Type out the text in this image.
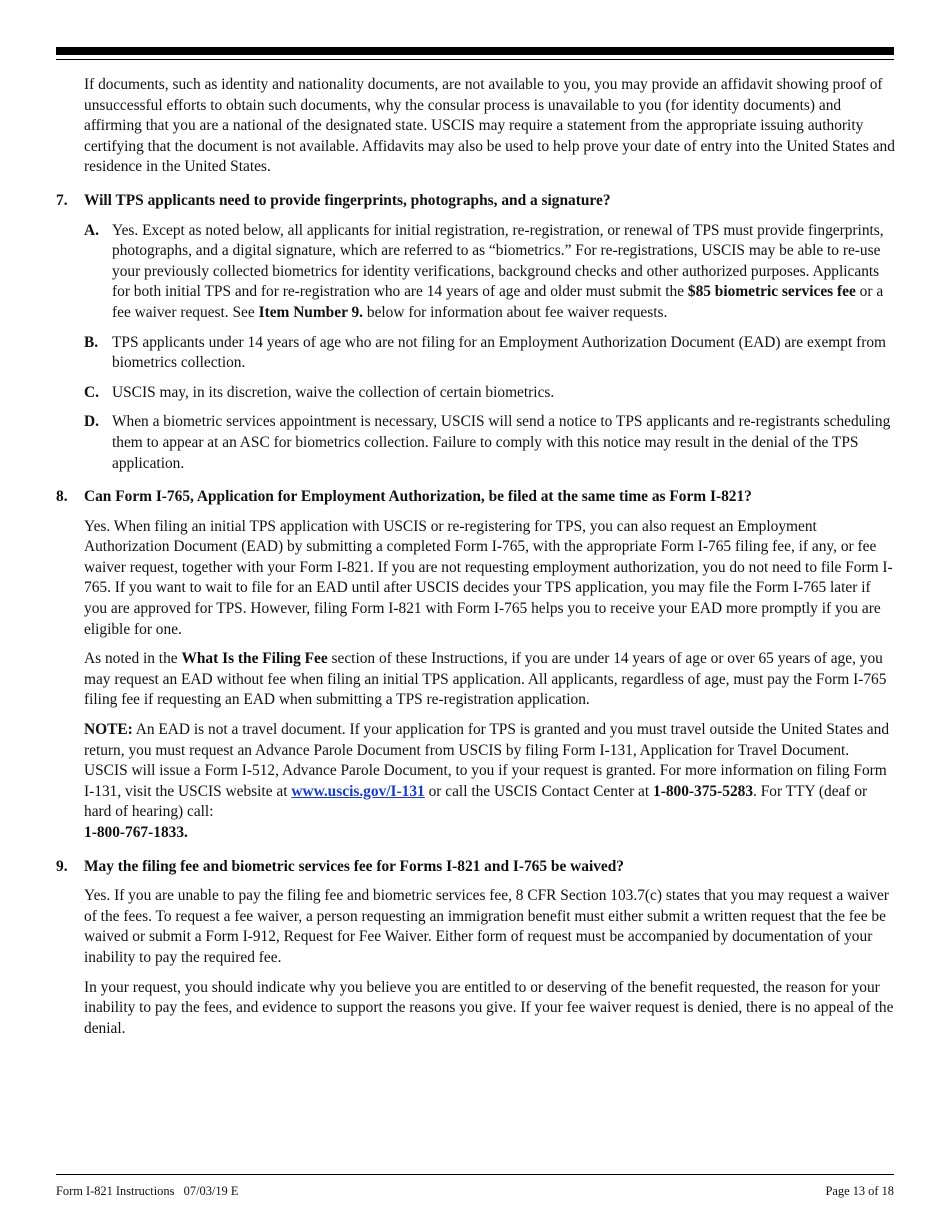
If documents, such as identity and nationality documents, are not available to you, you may provide an affidavit showing proof of unsuccessful efforts to obtain such documents, why the consular process is unavailable to you (for identity documents) and affirming that you are a national of the designated state. USCIS may require a statement from the appropriate issuing authority certifying that the document is not available. Affidavits may also be used to help prove your date of entry into the United States and residence in the United States.

7.	Will TPS applicants need to provide fingerprints, photographs, and a signature?
A. Yes. Except as noted below, all applicants for initial registration, re-registration, or renewal of TPS must provide fingerprints, photographs, and a digital signature, which are referred to as “biometrics.” For re-registrations, USCIS may be able to re-use your previously collected biometrics for identity verifications, background checks and other authorized purposes. Applicants for both initial TPS and for re-registration who are 14 years of age and older must submit the $85 biometric services fee or a fee waiver request. See Item Number 9. below for information about fee waiver requests.
B. TPS applicants under 14 years of age who are not filing for an Employment Authorization Document (EAD) are exempt from biometrics collection.
C. USCIS may, in its discretion, waive the collection of certain biometrics.
D. When a biometric services appointment is necessary, USCIS will send a notice to TPS applicants and re-registrants scheduling them to appear at an ASC for biometrics collection. Failure to comply with this notice may result in the denial of the TPS application.
8.	Can Form I-765, Application for Employment Authorization, be filed at the same time as Form I-821?

Yes. When filing an initial TPS application with USCIS or re-registering for TPS, you can also request an Employment Authorization Document (EAD) by submitting a completed Form I-765, with the appropriate Form I-765 filing fee, if any, or fee waiver request, together with your Form I-821. If you are not requesting employment authorization, you do not need to file Form I-765. If you want to wait to file for an EAD until after USCIS decides your TPS application, you may file the Form I-765 later if you are approved for TPS. However, filing Form I-821 with Form I-765 helps you to receive your EAD more promptly if you are eligible for one.

As noted in the What Is the Filing Fee section of these Instructions, if you are under 14 years of age or over 65 years of age, you may request an EAD without fee when filing an initial TPS application. All applicants, regardless of age, must pay the Form I-765 filing fee if requesting an EAD when submitting a TPS re-registration application.

NOTE: An EAD is not a travel document. If your application for TPS is granted and you must travel outside the United States and return, you must request an Advance Parole Document from USCIS by filing Form I-131, Application for Travel Document. USCIS will issue a Form I-512, Advance Parole Document, to you if your request is granted. For more information on filing Form I-131, visit the USCIS website at www.uscis.gov/I-131 or call the USCIS Contact Center at 1-800-375-5283. For TTY (deaf or hard of hearing) call:
1-800-767-1833.

9.	May the filing fee and biometric services fee for Forms I-821 and I-765 be waived?

Yes. If you are unable to pay the filing fee and biometric services fee, 8 CFR Section 103.7(c) states that you may request a waiver of the fees. To request a fee waiver, a person requesting an immigration benefit must either submit a written request that the fee be waived or submit a Form I-912, Request for Fee Waiver. Either form of request must be accompanied by documentation of your inability to pay the required fee.

In your request, you should indicate why you believe you are entitled to or deserving of the benefit requested, the reason for your inability to pay the fees, and evidence to support the reasons you give. If your fee waiver request is denied, there is no appeal of the denial.

Form I-821 Instructions   07/03/19 E	Page 13 of 18
